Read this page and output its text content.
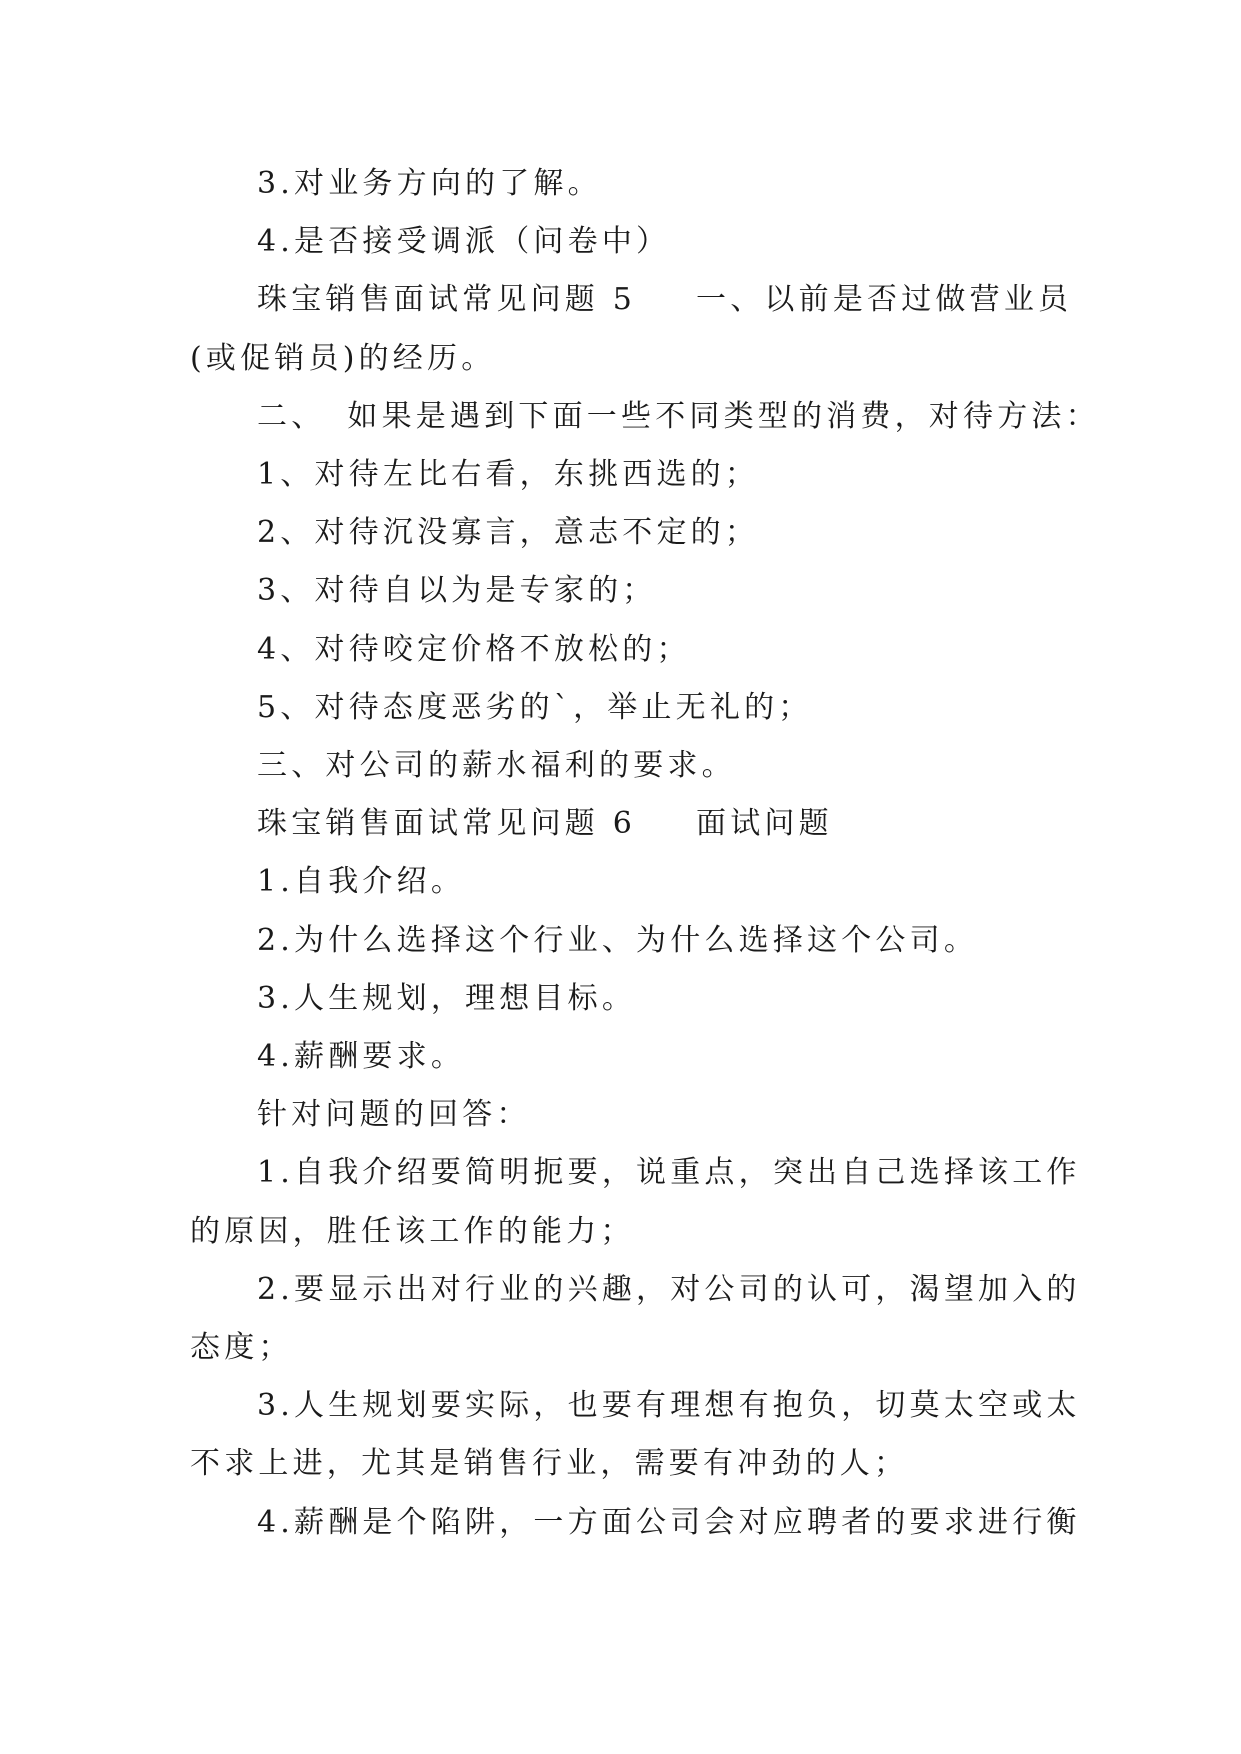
3.对业务方向的了解。

4.是否接受调派（问卷中）

珠宝销售面试常见问题 5 一、以前是否过做营业员

(或促销员)的经历。

二、 如果是遇到下面一些不同类型的消费，对待方法：

1、对待左比右看，东挑西选的；

2、对待沉没寡言，意志不定的；

3、对待自以为是专家的；

4、对待咬定价格不放松的；

5、对待态度恶劣的`，举止无礼的；

三、对公司的薪水福利的要求。

珠宝销售面试常见问题 6 面试问题

1.自我介绍。

2.为什么选择这个行业、为什么选择这个公司。

3.人生规划，理想目标。

4.薪酬要求。

针对问题的回答：

1.自我介绍要简明扼要，说重点，突出自己选择该工作

的原因，胜任该工作的能力；

2.要显示出对行业的兴趣，对公司的认可，渴望加入的

态度；

3.人生规划要实际，也要有理想有抱负，切莫太空或太

不求上进，尤其是销售行业，需要有冲劲的人；

4.薪酬是个陷阱，一方面公司会对应聘者的要求进行衡
